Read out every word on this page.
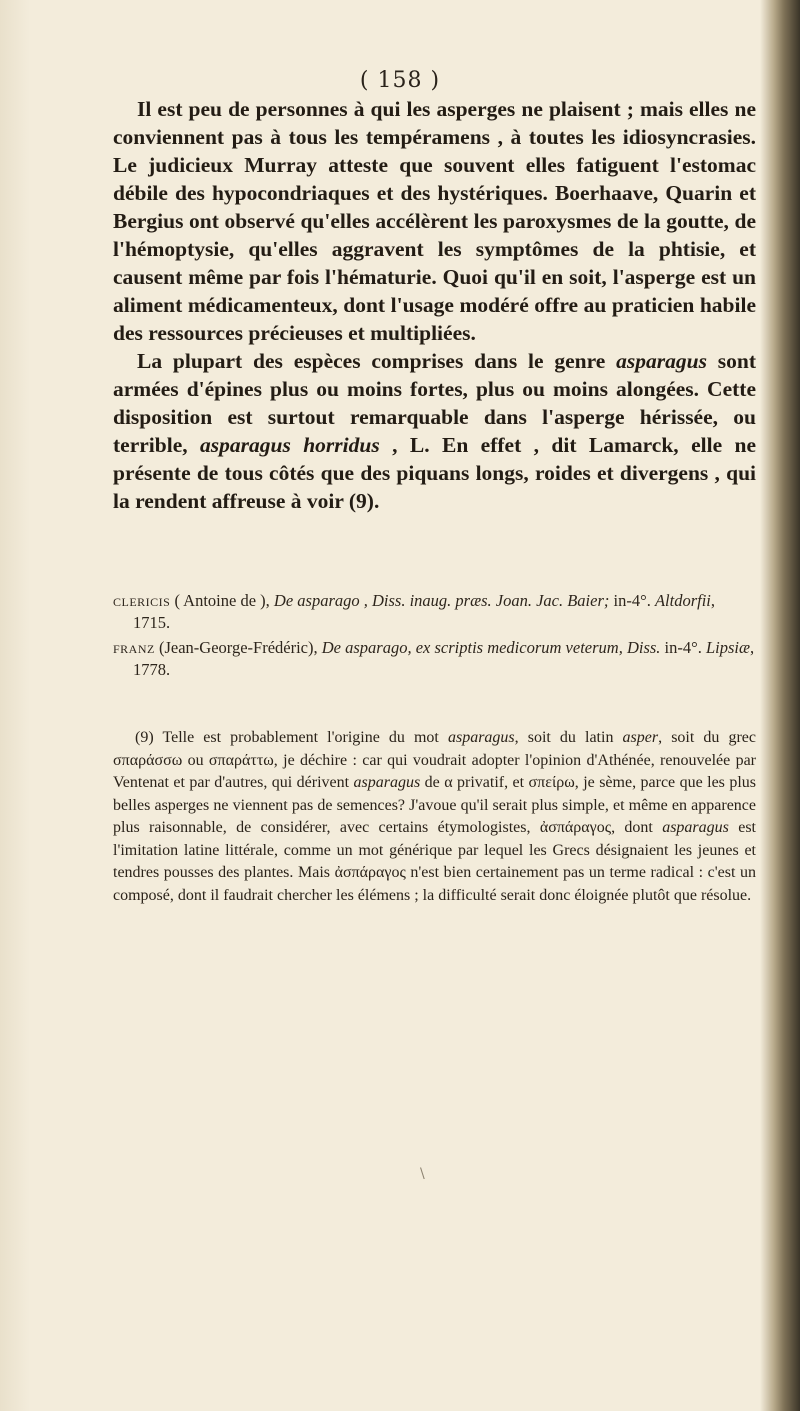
( 158 )

Il est peu de personnes à qui les asperges ne plaisent ; mais elles ne conviennent pas à tous les tempéramens , à toutes les idiosyncrasies. Le judicieux Murray atteste que souvent elles fatiguent l'estomac débile des hypocondriaques et des hystériques. Boerhaave, Quarin et Bergius ont observé qu'elles accélèrent les paroxysmes de la goutte, de l'hémoptysie, qu'elles aggravent les symptômes de la phtisie, et causent même par fois l'hématurie. Quoi qu'il en soit, l'asperge est un aliment médicamenteux, dont l'usage modéré offre au praticien habile des ressources précieuses et multipliées.

La plupart des espèces comprises dans le genre asparagus sont armées d'épines plus ou moins fortes, plus ou moins alongées. Cette disposition est surtout remarquable dans l'asperge hérissée, ou terrible, asparagus horridus , L. En effet , dit Lamarck, elle ne présente de tous côtés que des piquans longs, roides et divergens , qui la rendent affreuse à voir (9).

clericis ( Antoine de ), De asparago , Diss. inaug. præs. Joan. Jac. Baier; in-4°. Altdorfii, 1715.

franz (Jean-George-Frédéric), De asparago, ex scriptis medicorum veterum, Diss. in-4°. Lipsiæ, 1778.

(9) Telle est probablement l'origine du mot asparagus, soit du latin asper, soit du grec σπαράσσω ou σπαράττω, je déchire : car qui voudrait adopter l'opinion d'Athénée, renouvelée par Ventenat et par d'autres, qui dérivent asparagus de α privatif, et σπείρω, je sème, parce que les plus belles asperges ne viennent pas de semences? J'avoue qu'il serait plus simple, et même en apparence plus raisonnable, de considérer, avec certains étymologistes, ἀσπάραγος, dont asparagus est l'imitation latine littérale, comme un mot générique par lequel les Grecs désignaient les jeunes et tendres pousses des plantes. Mais ἀσπάραγος n'est bien certainement pas un terme radical : c'est un composé, dont il faudrait chercher les élémens ; la difficulté serait donc éloignée plutôt que résolue.

\
